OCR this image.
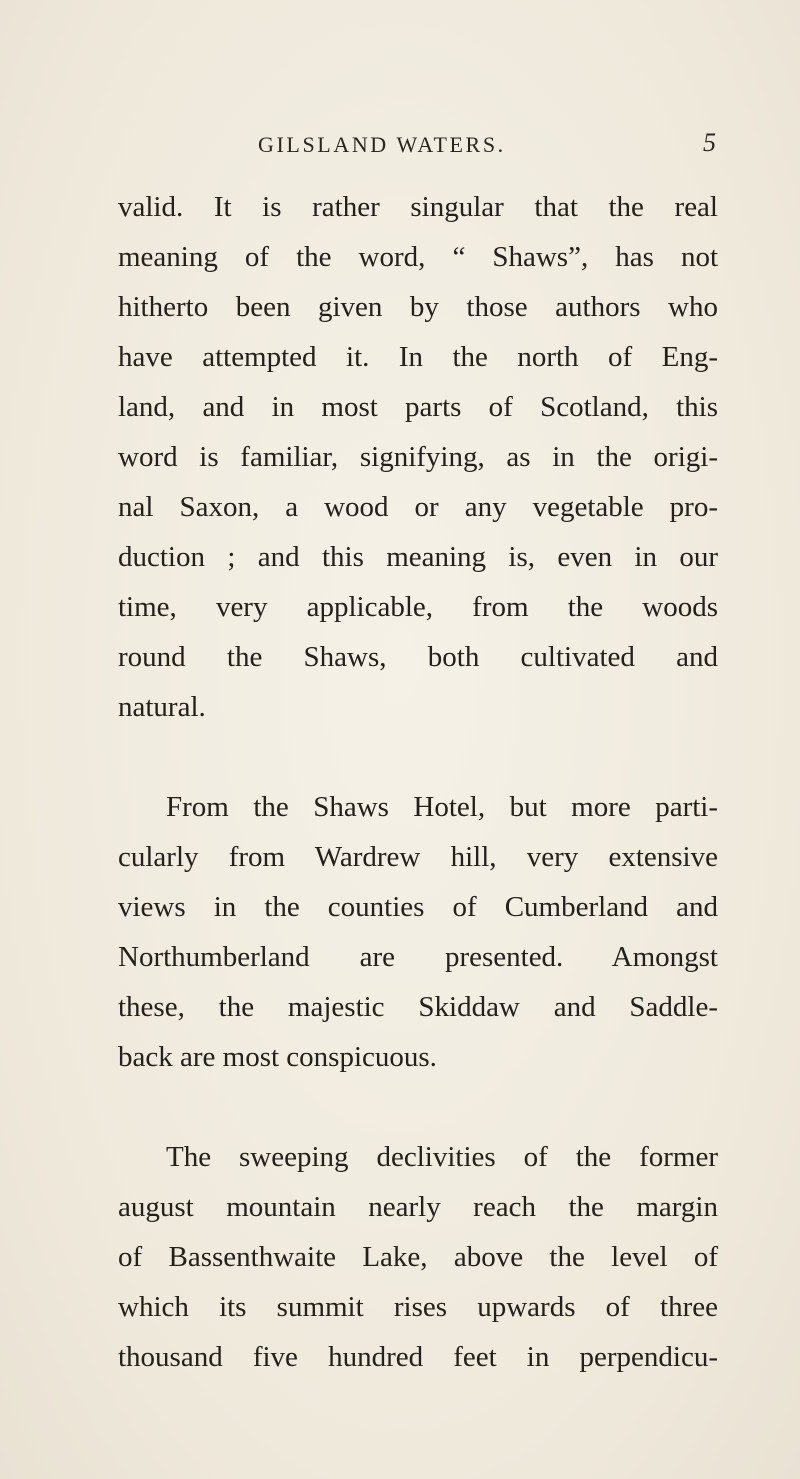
GILSLAND WATERS.	5
valid. It is rather singular that the real
meaning of the word, “ Shaws”, has not
hitherto been given by those authors who
have attempted it. In the north of Eng-
land, and in most parts of Scotland, this
word is familiar, signifying, as in the origi-
nal Saxon, a wood or any vegetable pro-
duction ; and this meaning is, even in our
time, very applicable, from the woods
round the Shaws, both cultivated and
natural.
From the Shaws Hotel, but more parti-
cularly from Wardrew hill, very extensive
views in the counties of Cumberland and
Northumberland are presented. Amongst
these, the majestic Skiddaw and Saddle-
back are most conspicuous.
The sweeping declivities of the former
august mountain nearly reach the margin
of Bassenthwaite Lake, above the level of
which its summit rises upwards of three
thousand five hundred feet in perpendicu-
